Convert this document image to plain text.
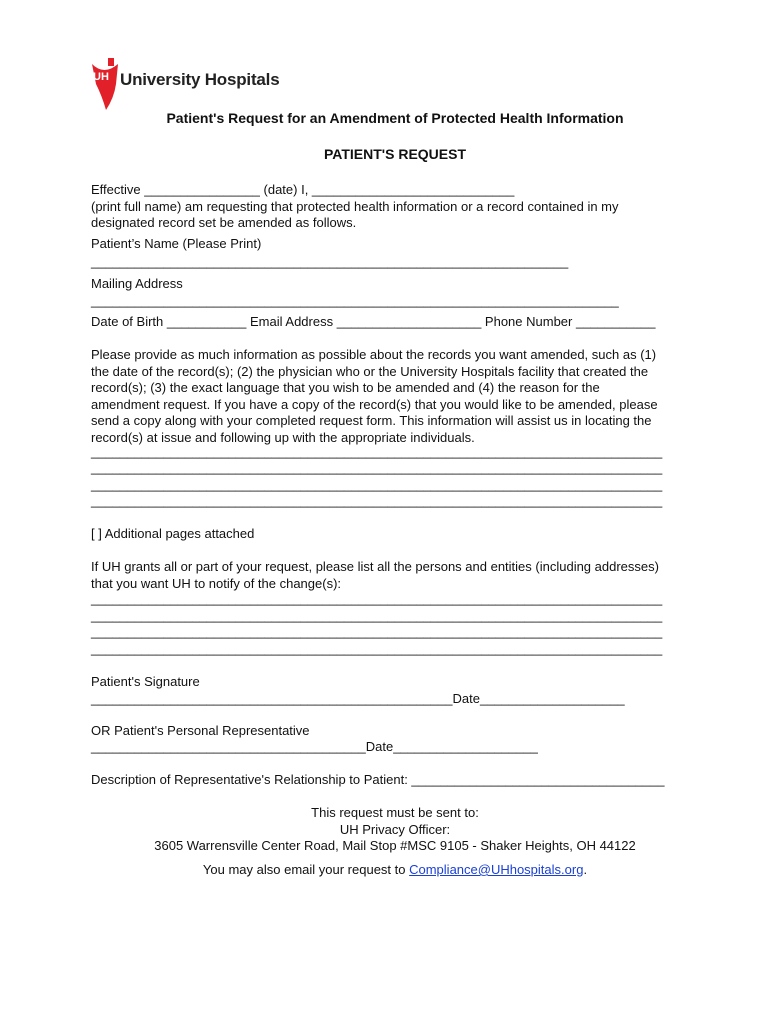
UH University Hospitals
Patient's Request for an Amendment of Protected Health Information
PATIENT'S REQUEST
Effective ________________ (date) I, ____________________________
(print full name) am requesting that protected health information or a record contained in my
designated record set be amended as follows.
Patient’s Name (Please Print)
__________________________________________________________________
Mailing Address
_________________________________________________________________________
Date of Birth ___________ Email Address ____________________ Phone Number ___________
Please provide as much information as possible about the records you want amended, such as (1)
the date of the record(s); (2) the physician who or the University Hospitals facility that created the
record(s); (3) the exact language that you wish to be amended and (4) the reason for the
amendment request. If you have a copy of the record(s) that you would like to be amended, please
send a copy along with your completed request form. This information will assist us in locating the
record(s) at issue and following up with the appropriate individuals.
_______________________________________________________________________________
_______________________________________________________________________________
_______________________________________________________________________________
_______________________________________________________________________________
[ ] Additional pages attached
If UH grants all or part of your request, please list all the persons and entities (including addresses)
that you want UH to notify of the change(s):
_______________________________________________________________________________
_______________________________________________________________________________
_______________________________________________________________________________
_______________________________________________________________________________
Patient's Signature
__________________________________________________Date____________________
OR Patient's Personal Representative
______________________________________Date____________________
Description of Representative's Relationship to Patient: ___________________________________
This request must be sent to:
UH Privacy Officer:
3605 Warrensville Center Road, Mail Stop #MSC 9105 - Shaker Heights, OH 44122
You may also email your request to Compliance@UHhospitals.org.
